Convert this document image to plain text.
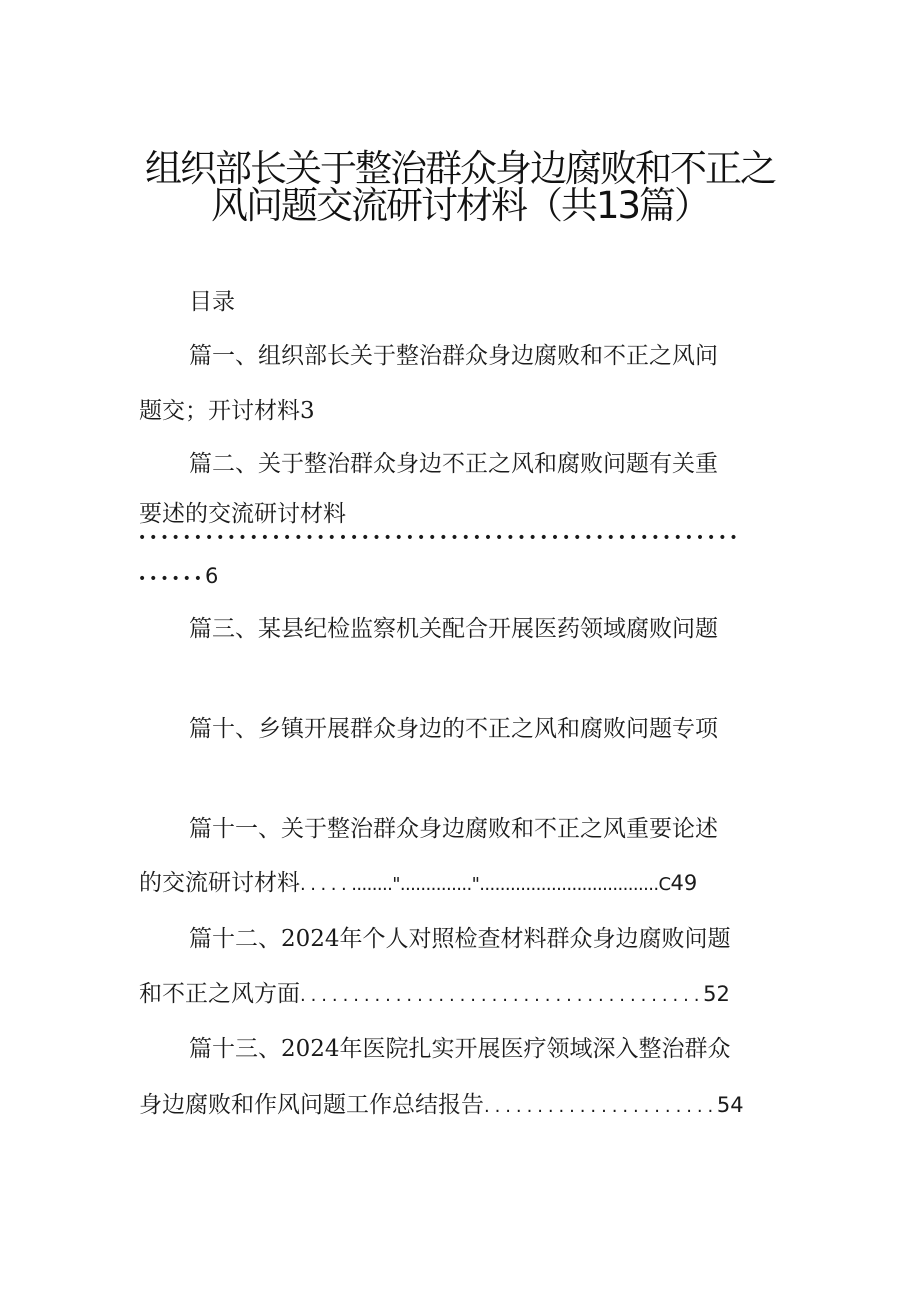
组织部长关于整治群众身边腐败和不正之
风问题交流研讨材料（共13篇）
目录
篇一、组织部长关于整治群众身边腐败和不正之风问
题交；开讨材料3
篇二、关于整治群众身边不正之风和腐败问题有关重
要述的交流研讨材料
••••••••••••••••••••••••••••••••••••••••••••••••••••••
••••••6
篇三、某县纪检监察机关配合开展医药领域腐败问题
篇十、乡镇开展群众身边的不正之风和腐败问题专项
篇十一、关于整治群众身边腐败和不正之风重要论述
的交流研讨材料. . . . . ........".............."...................................C49
篇十二、2024年个人对照检查材料群众身边腐败问题
和不正之风方面. . . . . . . . . . . . . . . . . . . . . . . . . . . . . . . . . . . . . . 52
篇十三、2024年医院扎实开展医疗领域深入整治群众
身边腐败和作风问题工作总结报告. . . . . . . . . . . . . . . . . . . . . . 54
